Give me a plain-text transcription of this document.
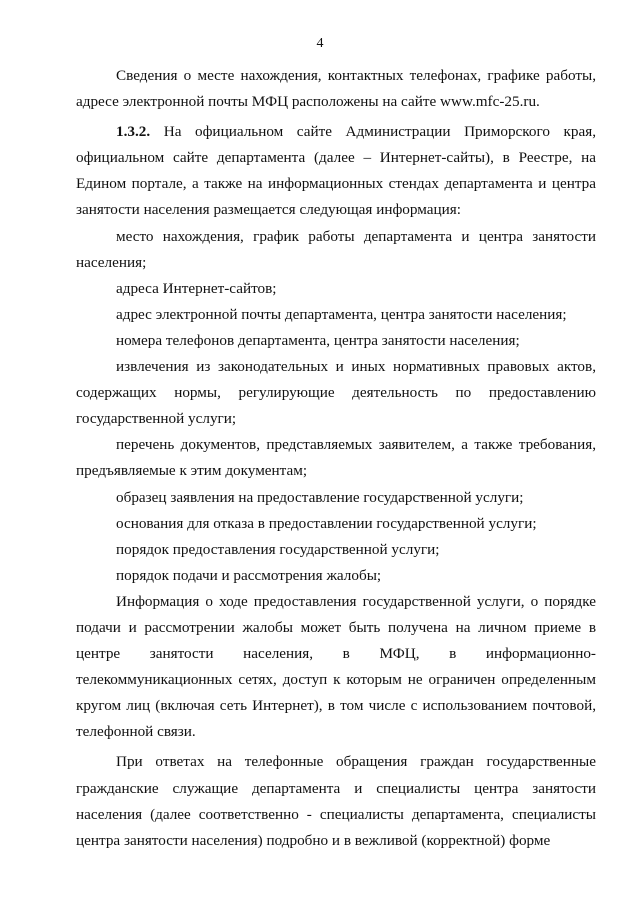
4

Сведения о месте нахождения, контактных телефонах, графике работы, адресе электронной почты МФЦ расположены на сайте www.mfc-25.ru.

1.3.2. На официальном сайте Администрации Приморского края, официальном сайте департамента (далее – Интернет-сайты), в Реестре, на Едином портале, а также на информационных стендах департамента и центра занятости населения размещается следующая информация:

место нахождения, график работы департамента и центра занятости населения;

адреса Интернет-сайтов;

адрес электронной почты департамента, центра занятости населения;

номера телефонов департамента, центра занятости населения;

извлечения из законодательных и иных нормативных правовых актов, содержащих нормы, регулирующие деятельность по предоставлению государственной услуги;

перечень документов, представляемых заявителем, а также требования, предъявляемые к этим документам;

образец заявления на предоставление государственной услуги;

основания для отказа в предоставлении государственной услуги;

порядок предоставления государственной услуги;

порядок подачи и рассмотрения жалобы;

Информация о ходе предоставления государственной услуги, о порядке подачи и рассмотрении жалобы может быть получена на личном приеме в центре занятости населения, в МФЦ, в информационно-телекоммуникационных сетях, доступ к которым не ограничен определенным кругом лиц (включая сеть Интернет), в том числе с использованием почтовой, телефонной связи.

При ответах на телефонные обращения граждан государственные гражданские служащие департамента и специалисты центра занятости населения (далее соответственно - специалисты департамента, специалисты центра занятости населения) подробно и в вежливой (корректной) форме
